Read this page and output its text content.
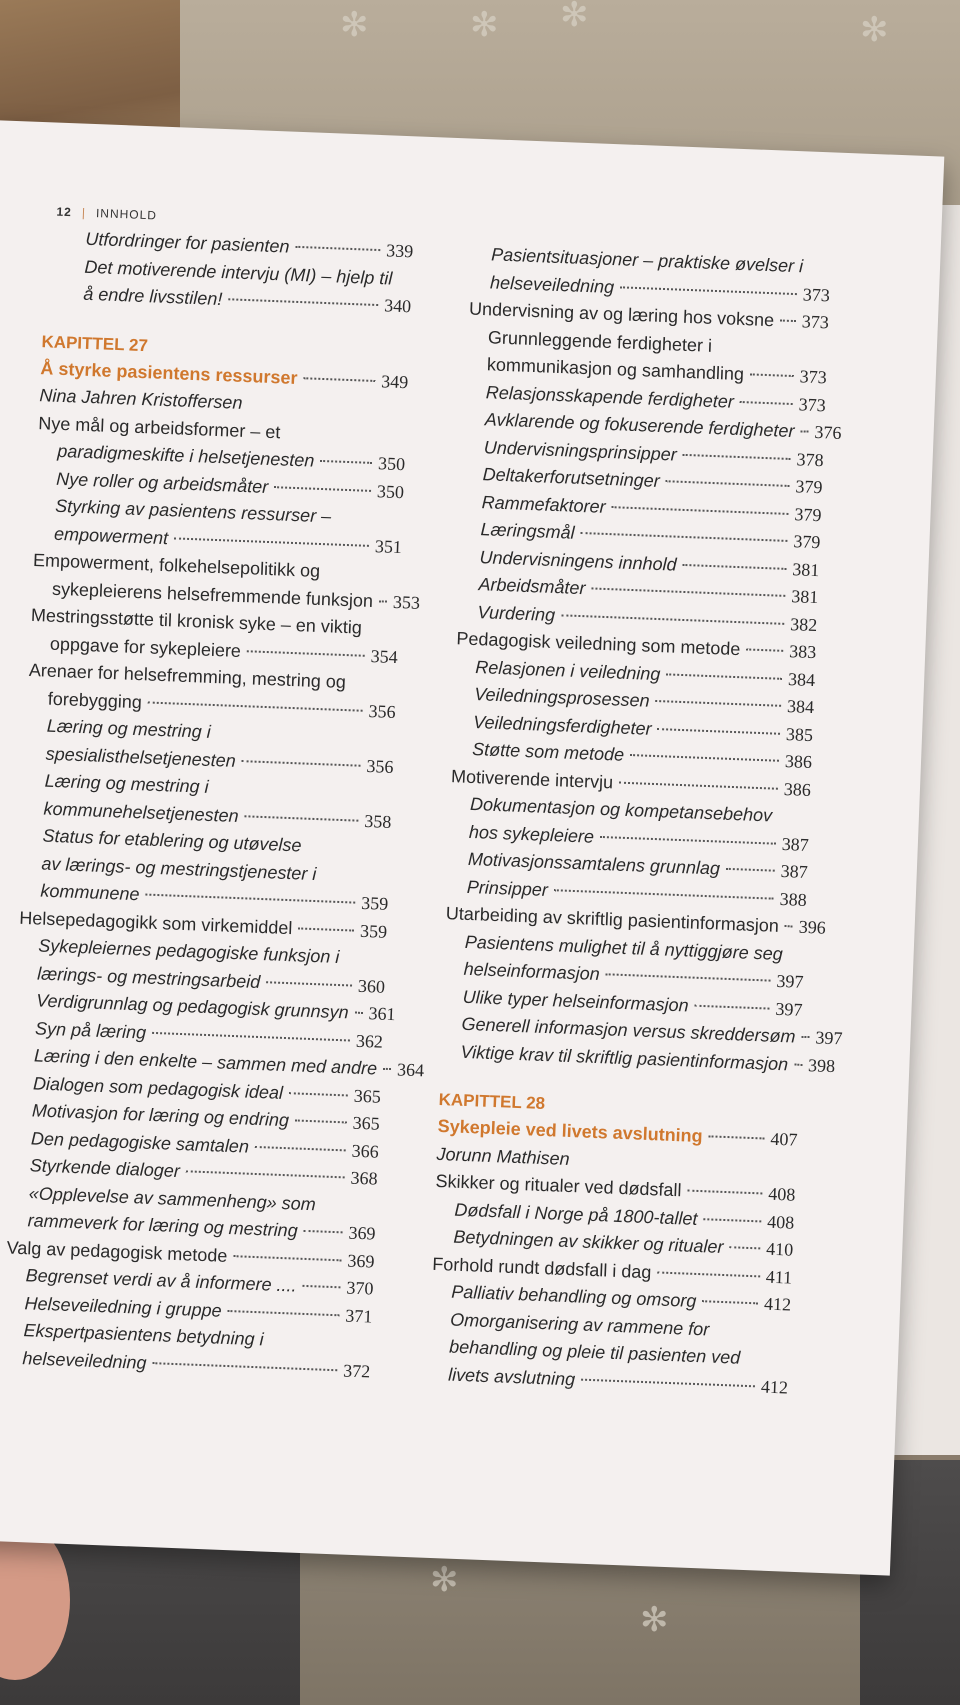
✻	✻ ✻	✻
✻
✻
12 | INNHOLD
Utfordringer for pasienten	339
Det motiverende intervju (MI) – hjelp til
å endre livsstilen!	340
KAPITTEL 27
Å styrke pasientens ressurser	349
Nina Jahren Kristoffersen
Nye mål og arbeidsformer – et
paradigmeskifte i helsetjenesten	350
Nye roller og arbeidsmåter	350
Styrking av pasientens ressurser –
empowerment	351
Empowerment, folkehelsepolitikk og
sykepleierens helsefremmende funksjon 353
Mestringsstøtte til kronisk syke – en viktig
oppgave for sykepleiere	354
Arenaer for helsefremming, mestring og
forebygging	356
Læring og mestring i
spesialisthelsetjenesten	356
Læring og mestring i
kommunehelsetjenesten	358
Status for etablering og utøvelse
av lærings- og mestringstjenester i
kommunene	359
Helsepedagogikk som virkemiddel	359
Sykepleiernes pedagogiske funksjon i
lærings- og mestringsarbeid	360
Verdigrunnlag og pedagogisk grunnsyn 361
Syn på læring	362
Læring i den enkelte – sammen med andre 364
Dialogen som pedagogisk ideal	365
Motivasjon for læring og endring	365
Den pedagogiske samtalen	366
Styrkende dialoger	368
«Opplevelse av sammenheng» som
rammeverk for læring og mestring	369
Valg av pedagogisk metode	369
Begrenset verdi av å informere ....	370
Helseveiledning i gruppe	371
Ekspertpasientens betydning i
helseveiledning	372
Pasientsituasjoner – praktiske øvelser i
helseveiledning	373
Undervisning av og læring hos voksne 373
Grunnleggende ferdigheter i
kommunikasjon og samhandling	373
Relasjonsskapende ferdigheter	373
Avklarende og fokuserende ferdigheter 376
Undervisningsprinsipper	378
Deltakerforutsetninger	379
Rammefaktorer	379
Læringsmål	379
Undervisningens innhold	381
Arbeidsmåter	381
Vurdering	382
Pedagogisk veiledning som metode	383
Relasjonen i veiledning	384
Veiledningsprosessen	384
Veiledningsferdigheter	385
Støtte som metode	386
Motiverende intervju	386
Dokumentasjon og kompetansebehov
hos sykepleiere	387
Motivasjonssamtalens grunnlag	387
Prinsipper	388
Utarbeiding av skriftlig pasientinformasjon 396
Pasientens mulighet til å nyttiggjøre seg
helseinformasjon	397
Ulike typer helseinformasjon	397
Generell informasjon versus skreddersøm 397
Viktige krav til skriftlig pasientinformasjon 398
KAPITTEL 28
Sykepleie ved livets avslutning	407
Jorunn Mathisen
Skikker og ritualer ved dødsfall	408
Dødsfall i Norge på 1800-tallet	408
Betydningen av skikker og ritualer 410
Forhold rundt dødsfall i dag	411
Palliativ behandling og omsorg	412
Omorganisering av rammene for
behandling og pleie til pasienten ved
livets avslutning	412
